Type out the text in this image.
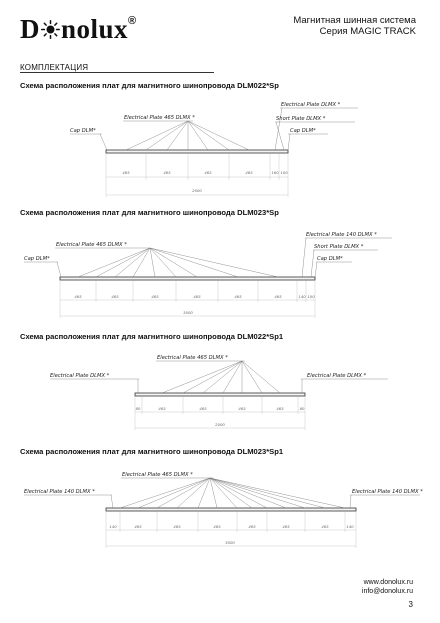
D nolux®	Магнитная шинная система
Серия MAGIC TRACK
КОМПЛЕКТАЦИЯ
Схема расположения плат для магнитного шинопровода DLM022*Sp
Схема расположения плат для магнитного шинопровода DLM023*Sp
Схема расположения плат для магнитного шинопровода DLM022*Sp1
Схема расположения плат для магнитного шинопровода DLM023*Sp1
465	465	465	465	160 100
2000
Electrical Plate 465 DLMX *
Electrical Plate DLMX *
Short Plate DLMX *
Cap DLM*
Cap DLM*
465	465	465	465	465	465	140 100
3000
Electrical Plate 465 DLMX *
Electrical Plate 140 DLMX *
Short Plate DLMX *
Cap DLM*
Cap DLM*
80	465	465	465	465	80
2000
Electrical Plate 465 DLMX *
Electrical Plate DLMX *	Electrical Plate DLMX *
140	465	465	465	465	465	465	140
3000
Electrical Plate 465 DLMX *
Electrical Plate 140 DLMX *	Electrical Plate 140 DLMX *
www.donolux.ru
info@donolux.ru
3
